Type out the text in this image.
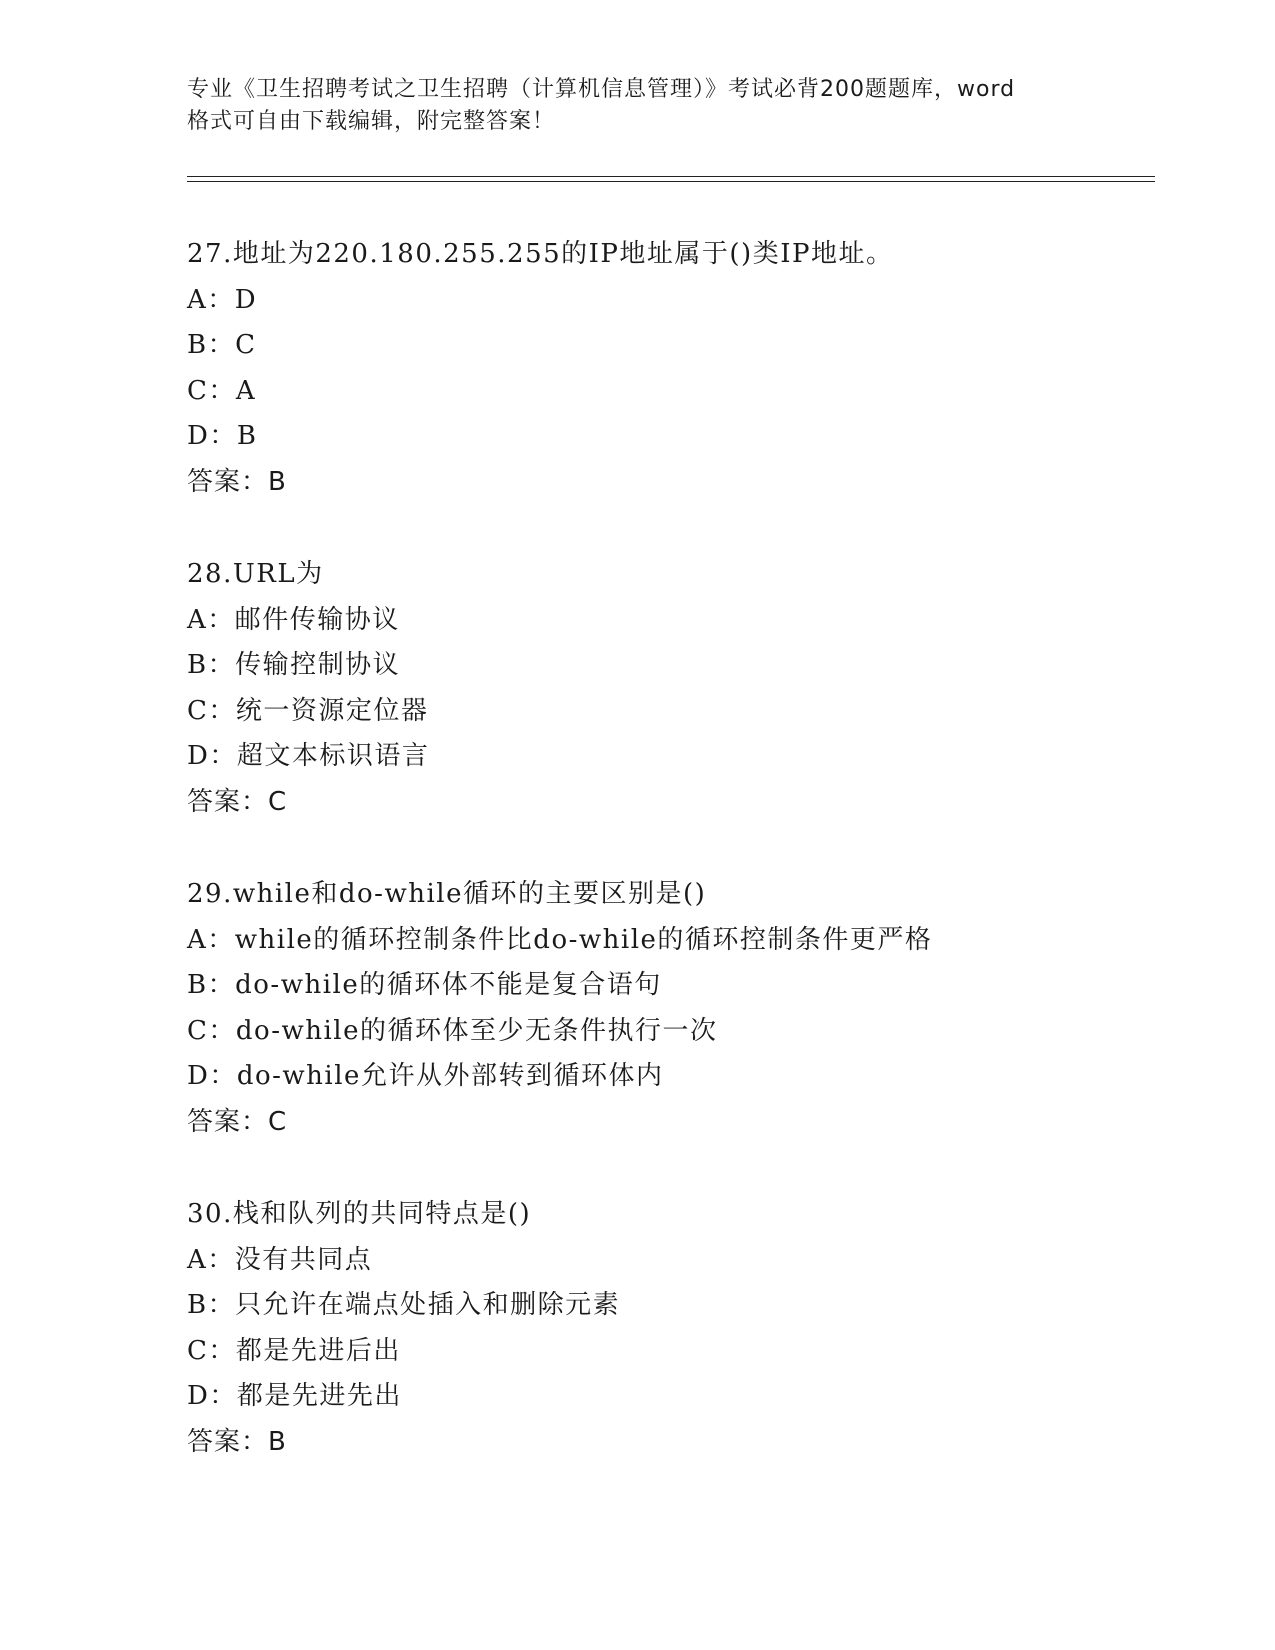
专业《卫生招聘考试之卫生招聘（计算机信息管理）》考试必背200题题库，word
格式可自由下载编辑，附完整答案！
27.地址为220.180.255.255的IP地址属于()类IP地址。
A：D
B：C
C：A
D：B
答案：B
28.URL为
A：邮件传输协议
B：传输控制协议
C：统一资源定位器
D：超文本标识语言
答案：C
29.while和do-while循环的主要区别是()
A：while的循环控制条件比do-while的循环控制条件更严格
B：do-while的循环体不能是复合语句
C：do-while的循环体至少无条件执行一次
D：do-while允许从外部转到循环体内
答案：C
30.栈和队列的共同特点是()
A：没有共同点
B：只允许在端点处插入和删除元素
C：都是先进后出
D：都是先进先出
答案：B
